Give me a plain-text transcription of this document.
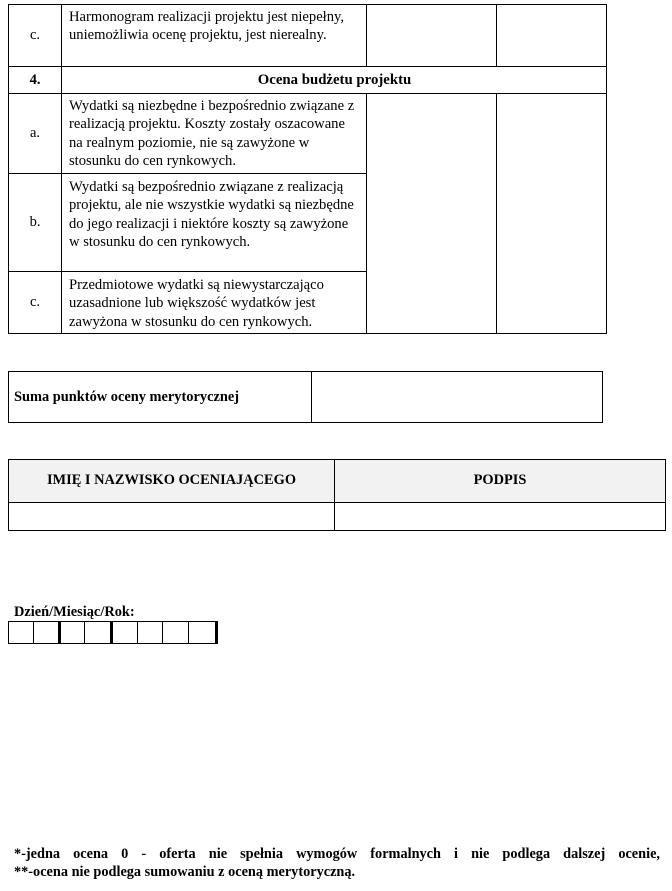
c.
Harmonogram realizacji projektu jest niepełny, uniemożliwia ocenę projektu, jest nierealny.
4.	Ocena budżetu projektu
a.
Wydatki są niezbędne i bezpośrednio związane z realizacją projektu. Koszty zostały oszacowane na realnym poziomie, nie są zawyżone w stosunku do cen rynkowych.
b.
Wydatki są bezpośrednio związane z realizacją projektu, ale nie wszystkie wydatki są niezbędne do jego realizacji i niektóre koszty są zawyżone w stosunku do cen rynkowych.
c.
Przedmiotowe wydatki są niewystarczająco uzasadnione lub większość wydatków jest zawyżona w stosunku do cen rynkowych.
Suma punktów oceny merytorycznej
IMIĘ I NAZWISKO OCENIAJĄCEGO	PODPIS
Dzień/Miesiąc/Rok:
*-jedna ocena 0 - oferta nie spełnia wymogów formalnych i nie podlega dalszej ocenie,
**-ocena nie podlega sumowaniu z oceną merytoryczną.
